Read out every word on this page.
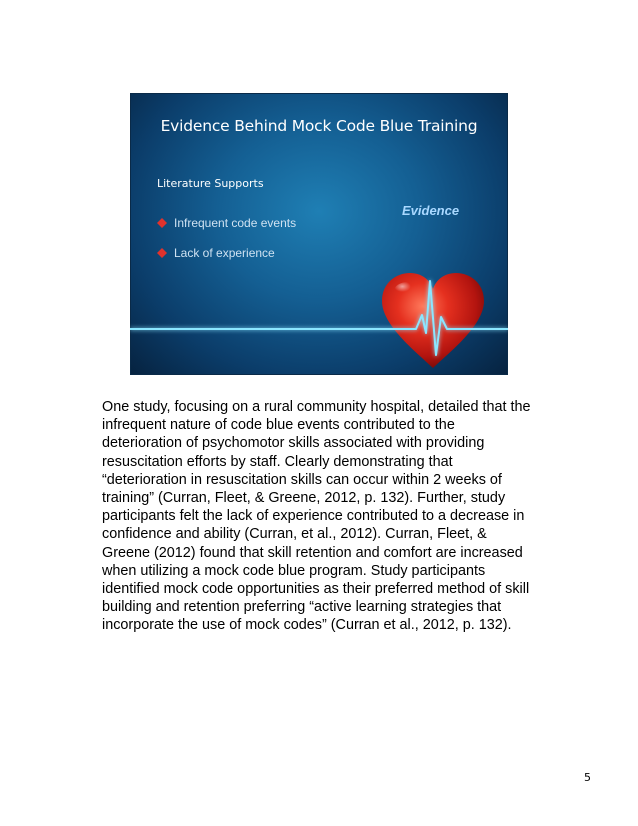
Evidence Behind Mock Code Blue Training
Literature Supports
Evidence
Infrequent code events
Lack of experience

One study, focusing on a rural community hospital, detailed that the infrequent nature of code blue events contributed to the deterioration of psychomotor skills associated with providing resuscitation efforts by staff. Clearly demonstrating that “deterioration in resuscitation skills can occur within 2 weeks of training” (Curran, Fleet, & Greene, 2012, p. 132). Further, study participants felt the lack of experience contributed to a decrease in confidence and ability (Curran, et al., 2012). Curran, Fleet, & Greene (2012) found that skill retention and comfort are increased when utilizing a mock code blue program. Study participants identified mock code opportunities as their preferred method of skill building and retention preferring “active learning strategies that incorporate the use of mock codes” (Curran et al., 2012, p. 132).

5
